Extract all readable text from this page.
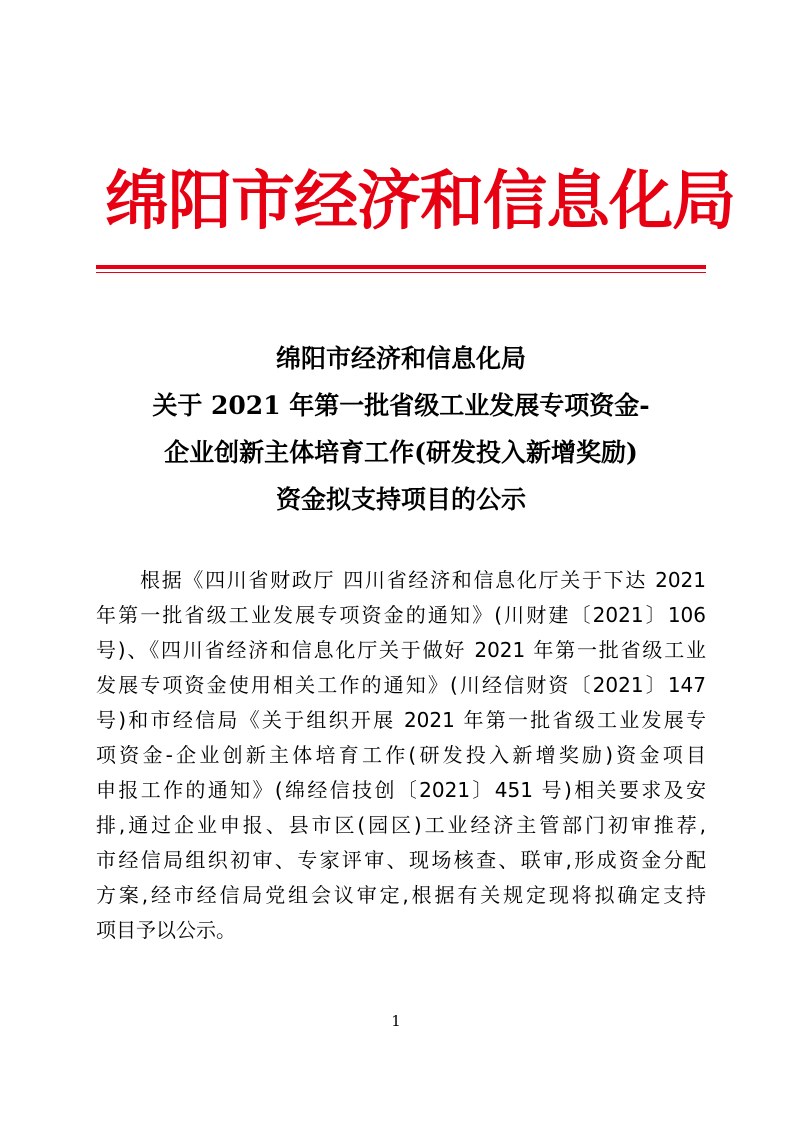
绵阳市经济和信息化局
绵阳市经济和信息化局
关于 2021 年第一批省级工业发展专项资金-
企业创新主体培育工作(研发投入新增奖励)
资金拟支持项目的公示
根据《四川省财政厅 四川省经济和信息化厅关于下达 2021
年第一批省级工业发展专项资金的通知》(川财建〔2021〕106
号)、《四川省经济和信息化厅关于做好 2021 年第一批省级工业
发展专项资金使用相关工作的通知》(川经信财资〔2021〕147
号)和市经信局《关于组织开展 2021 年第一批省级工业发展专
项资金-企业创新主体培育工作(研发投入新增奖励)资金项目
申报工作的通知》(绵经信技创〔2021〕451 号)相关要求及安
排,通过企业申报、县市区(园区)工业经济主管部门初审推荐,
市经信局组织初审、专家评审、现场核查、联审,形成资金分配
方案,经市经信局党组会议审定,根据有关规定现将拟确定支持
项目予以公示。
1
